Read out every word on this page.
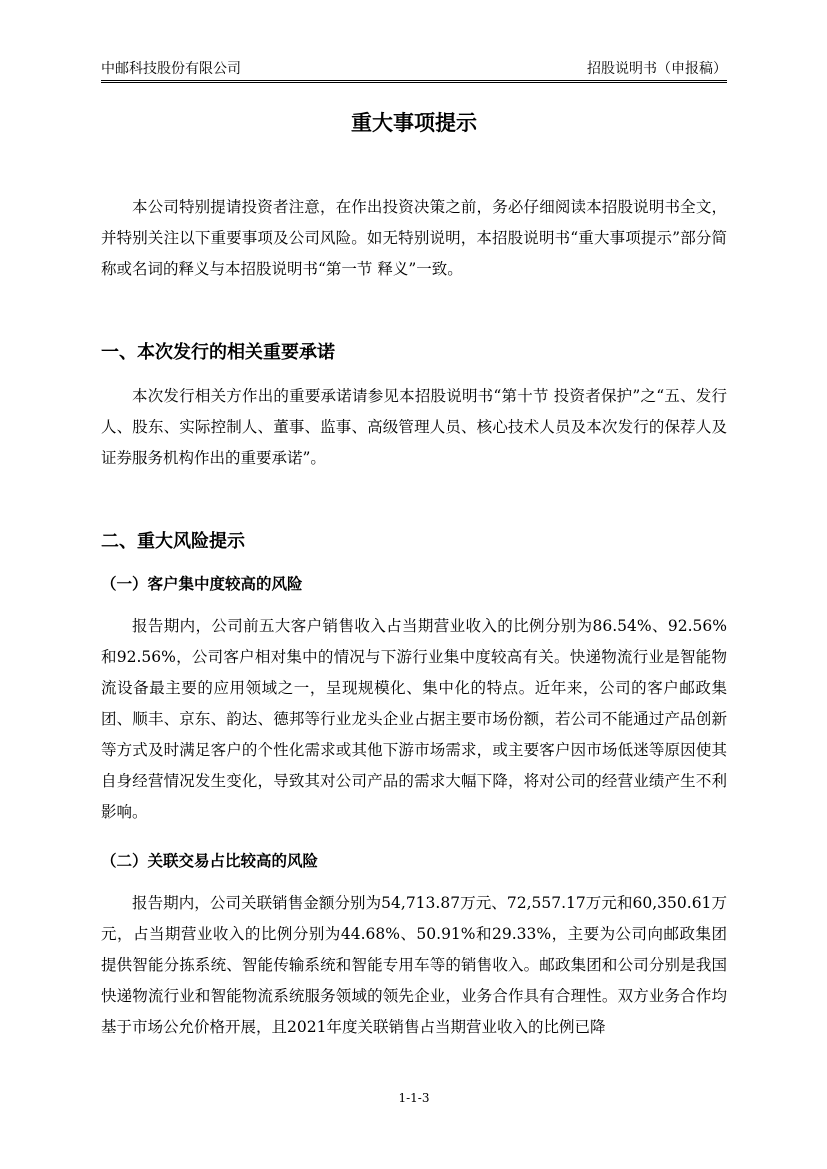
中邮科技股份有限公司	招股说明书（申报稿）
重大事项提示
本公司特别提请投资者注意，在作出投资决策之前，务必仔细阅读本招股说明书全文，并特别关注以下重要事项及公司风险。如无特别说明，本招股说明书“重大事项提示”部分简称或名词的释义与本招股说明书“第一节 释义”一致。
一、本次发行的相关重要承诺
本次发行相关方作出的重要承诺请参见本招股说明书“第十节 投资者保护”之“五、发行人、股东、实际控制人、董事、监事、高级管理人员、核心技术人员及本次发行的保荐人及证券服务机构作出的重要承诺”。
二、重大风险提示
（一）客户集中度较高的风险
报告期内，公司前五大客户销售收入占当期营业收入的比例分别为86.54%、92.56%和92.56%，公司客户相对集中的情况与下游行业集中度较高有关。快递物流行业是智能物流设备最主要的应用领域之一，呈现规模化、集中化的特点。近年来，公司的客户邮政集团、顺丰、京东、韵达、德邦等行业龙头企业占据主要市场份额，若公司不能通过产品创新等方式及时满足客户的个性化需求或其他下游市场需求，或主要客户因市场低迷等原因使其自身经营情况发生变化，导致其对公司产品的需求大幅下降，将对公司的经营业绩产生不利影响。
（二）关联交易占比较高的风险
报告期内，公司关联销售金额分别为54,713.87万元、72,557.17万元和60,350.61万元，占当期营业收入的比例分别为44.68%、50.91%和29.33%，主要为公司向邮政集团提供智能分拣系统、智能传输系统和智能专用车等的销售收入。邮政集团和公司分别是我国快递物流行业和智能物流系统服务领域的领先企业，业务合作具有合理性。双方业务合作均基于市场公允价格开展，且2021年度关联销售占当期营业收入的比例已降
1-1-3
